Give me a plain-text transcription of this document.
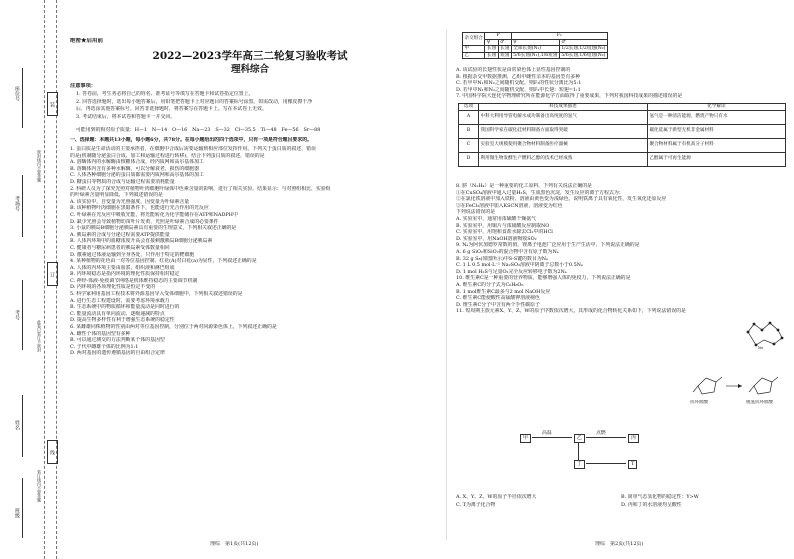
座位号
考场号
考号
姓名
班级
装
订
线
密封线内不要答题
此卷只装订不密封
装订线内不要答题
绝密★启用前
2022—2023学年高三二轮复习验收考试
理科综合
注意事项：
1. 答卷前，考生务必将自己的姓名、准考证号等填写在答题卡和试卷指定位置上。
2. 回答选择题时，选出每小题答案后，用铅笔把答题卡上对应题目的答案标号涂黑。如需改动，用橡皮擦干净
后，再选涂其他答案标号。回答非选择题时，将答案写在答题卡上。写在本试卷上无效。
3. 考试结束后，将本试卷和答题卡一并交回。
可能用到的相对原子质量：H—1　N—14　O—16　Na—23　S—32　Cl—35.5　Ti—48　Fe—56　Sr—88
一、选择题：本题共13小题，每小题6分，共78分。在每小题给出的四个选项中，只有一项是符合题目要求的。
1. 蛋白质是生命活动的主要承担者，在细胞中合成后需要运输到相应部位发挥作用。下列关于蛋白质的叙述，错误
的是(机制随分泌蛋白合成、加工和运输过程进行转移)，结合下列蛋白质的叙述，错误的是
A. 溶酶体内的水解酶由核糖体合成，经内质网和高尔基体加工
B. 溶酶体内含有多种水解酶，可以分解衰老、损伤的细胞器
C. 人体各种细胞分泌的蛋白质都需要内质网和高尔基体的加工
D. 糖蛋白等物质的合成与运输过程需要消耗能量
2. 科研人员为了探究光照对植物叶肉细胞叶绿体中色素含量的影响，进行了相关实验，结果显示：与对照组相比，实验组
的叶绿素含量明显降低，下列叙述错误的是
A. 该实验中，自变量为光照强度，因变量为叶绿素含量
B. 该种植物叶肉细胞在黑暗条件下，也能进行光合作用的光反应
C. 叶绿素在光反应中吸收光能，将光能转化为化学能储存在ATP和NADPH中
D. 缺少光照会导致植物幼苗叶片发黄，光照是叶绿素合成的必要条件
3. 小鼠的胰岛B细胞分泌胰岛素具有重要的生理意义，下列相关叙述正确的是
A. 胰岛素的合成与分泌过程需要ATP提供能量
B. 人体内环境中的血糖浓度升高会直接刺激胰岛B细胞分泌胰岛素
C. 健康者与糖尿病患者的胰岛素受体数量相同
D. 激素通过体液运输到全身各处，只作用于特定的靶细胞
4. 某种植物的花色由一对等位基因控制，红花(A)对白花(a)为显性，下列叙述正确的是
A. 人体的内环境主要由血浆、组织液和淋巴组成
B. 内环境稳态是指内环境的理化性质保持相对稳定
C. 神经-体液-免疫调节网络是机体维持稳态的主要调节机制
D. 内环境的各项理化性质是恒定不变的
5. 科学家利用基因工程技术将外源基因导入受体细胞中，下列相关叙述错误的是
A. 进行生态工程建设时，需要考虑环境承载力
B. 生态系统中的物质循环和能量流动是同时进行的
C. 能量流动具有单向流动、逐级递减的特点
D. 提高生物多样性有利于增强生态系统的稳定性
6. 某雌雄同株植物的性别由两对等位基因控制，分别位于两对同源染色体上，下列叙述正确的是
A. 雌性个体的基因型有多种
B. 可以通过测交的方法判断某个体的基因型
C. 子代中雌雄个体的比例为1:1
D. 两对基因的遗传遵循基因的自由组合定律
理综　第1页(共12页)
杂交组合	P		F₁	
	♀	♂	♀	♂
甲	长翅	长翅	全部长翅(N₁)	1/2长翅,1/2短翅(N₂)
乙	长翅	短翅	5/6长翅(N₁),1/6短翅	5/6长翅,1/6短翅(N₂)
A. 该试验的长翅性状是由常染色体上显性基因控制的
B. 根据杂交甲数据推测，乙组中雌性亲本的基因型有多种
C. 若甲中N₁和N₂之间随机交配，则F₂的性状分离比为5:1
D. 若甲中N₁和N₂之间随机交配，则F₂中长翅：短翅=1:1
7. 中国科学院大连化学物理研究所在能源化学方面取得了重要成果，下列对我国科技成果的描述错误的是
选项	科技成果描述	化学解读
A	中科大利用导管电解水成功制备出高纯度的氢气	氢气是一种清洁能源，燃烧产物只有水
B	我国科学家在碳化硅材料制备方面取得突破	碳化硅属于新型无机非金属材料
C	实验室大规模使用聚合物材料制备医疗器械	聚合物材料属于有机高分子材料
D	利用微生物发酵生产燃料乙醇的技术已经成熟	乙醇属于可再生能源
8. 肼（N₂H₄）是一种重要的化工原料，下列有关说法正确的是
①在CuSO₄溶液中通入过量H₂S，生成黑色沉淀，发生反应的离子方程式为：
②在氯化铁溶液中加入铁粉，溶液由黄色变为浅绿色，说明铁离子具有氧化性，发生氧化还原反应
③在FeCl₃溶液中加入KSCN溶液，溶液变为红色
下列说法错误的是
A. 实验室中，通常用浓硫酸干燥氨气
B. 实验室中，用铜片与浓硝酸反应制取NO
C. 实验室中，用饱和食盐水除去Cl₂中的HCl
D. 实验室中，用NaOH溶液吸收SO₂
9. Nₐ为阿伏加德罗常数的值，锂离子电池广泛应用于生产生活中，下列说法正确的是
A. 6 g SiO₂和SiO₂的混合物中含有原子数为Nₐ
B. 32 g S₈(如图所示)中S-S键的数目为Nₐ
C. 1 L 0.5 mol·L⁻¹ Na₂SO₃溶液中阴离子总数小于0.5Nₐ
D. 1 mol H₂S与足量O₂完全反应转移电子数为2Nₐ
10. 维生素C是一种重要的营养物质，能够增强人体的免疫力，下列说法正确的是
A. 维生素C的分子式为C₆H₈O₆
B. 1 mol维生素C最多与2 mol NaOH反应
C. 维生素C能使酸性高锰酸钾溶液褪色
D. 维生素C分子中含有两个手性碳原子
11. 短周期主族元素X、Y、Z、W的原子序数依次增大，其形成的化合物转化关系如下，下列说法错误的是
S₈
抗坏血酸	脱氢抗坏血酸
甲
高温
乙
点燃
丙
丁	T
A. X、Y、Z、W的原子半径依次增大	B. 简单气态氢化物的稳定性：Y>W
C. T为离子化合物	D. 丙和丁的水溶液均呈酸性
理综　第2页(共12页)
